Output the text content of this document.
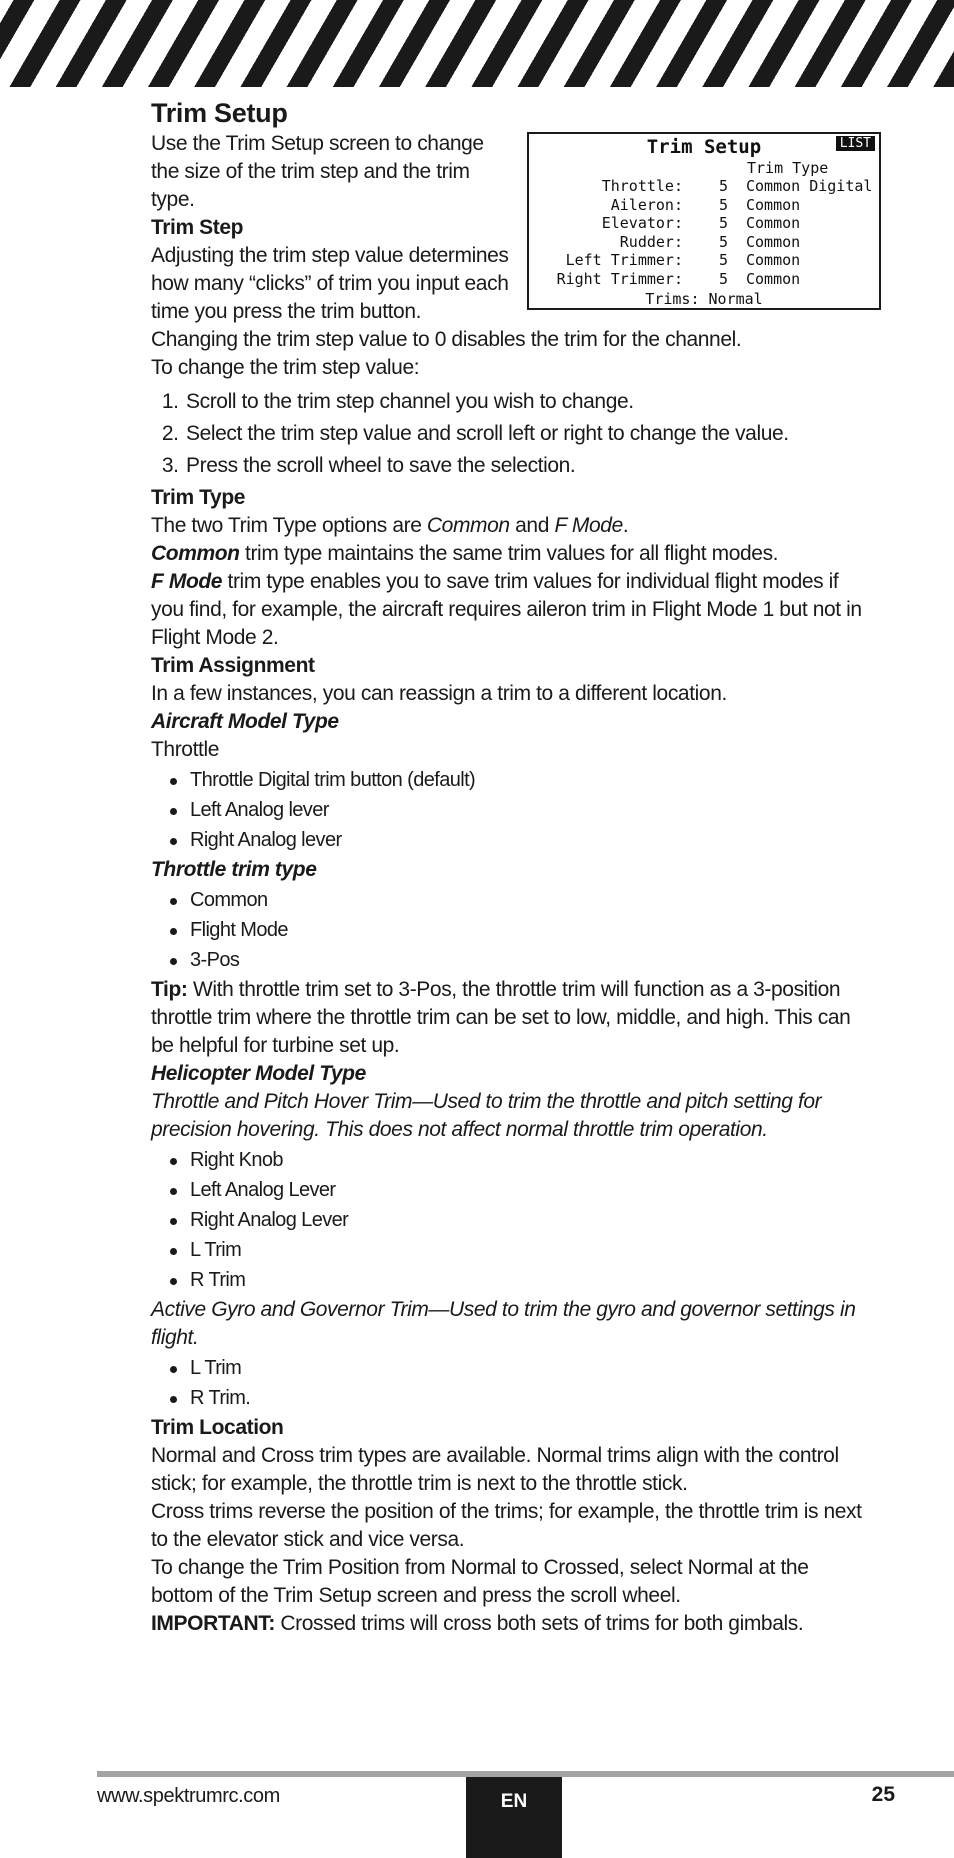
Trim Setup	LIST
Trim Type
Throttle: 5 Common Digital
Aileron: 5 Common
Elevator: 5 Common
Rudder: 5 Common
Left Trimmer: 5 Common
Right Trimmer: 5 Common
Trims: Normal

Trim Setup

Use the Trim Setup screen to change the size of the trim step and the trim type.

Trim Step

Adjusting the trim step value determines how many “clicks” of trim you input each time you press the trim button.

Changing the trim step value to 0 disables the trim for the channel.

To change the trim step value:

1. Scroll to the trim step channel you wish to change.
2. Select the trim step value and scroll left or right to change the value.
3. Press the scroll wheel to save the selection.

Trim Type

The two Trim Type options are Common and F Mode.

Common trim type maintains the same trim values for all flight modes.

F Mode trim type enables you to save trim values for individual flight modes if you find, for example, the aircraft requires aileron trim in Flight Mode 1 but not in Flight Mode 2.

Trim Assignment

In a few instances, you can reassign a trim to a different location.

Aircraft Model Type

Throttle

Throttle Digital trim button (default)
Left Analog lever
Right Analog lever

Throttle trim type

Common
Flight Mode
3-Pos

Tip: With throttle trim set to 3-Pos, the throttle trim will function as a 3-position throttle trim where the throttle trim can be set to low, middle, and high. This can be helpful for turbine set up.

Helicopter Model Type

Throttle and Pitch Hover Trim—Used to trim the throttle and pitch setting for precision hovering. This does not affect normal throttle trim operation.

Right Knob
Left Analog Lever
Right Analog Lever
L Trim
R Trim

Active Gyro and Governor Trim—Used to trim the gyro and governor settings in flight.

L Trim
R Trim.

Trim Location

Normal and Cross trim types are available. Normal trims align with the control stick; for example, the throttle trim is next to the throttle stick.

Cross trims reverse the position of the trims; for example, the throttle trim is next to the elevator stick and vice versa.

To change the Trim Position from Normal to Crossed, select Normal at the bottom of the Trim Setup screen and press the scroll wheel.

IMPORTANT: Crossed trims will cross both sets of trims for both gimbals.

www.spektrumrc.com	EN	25
